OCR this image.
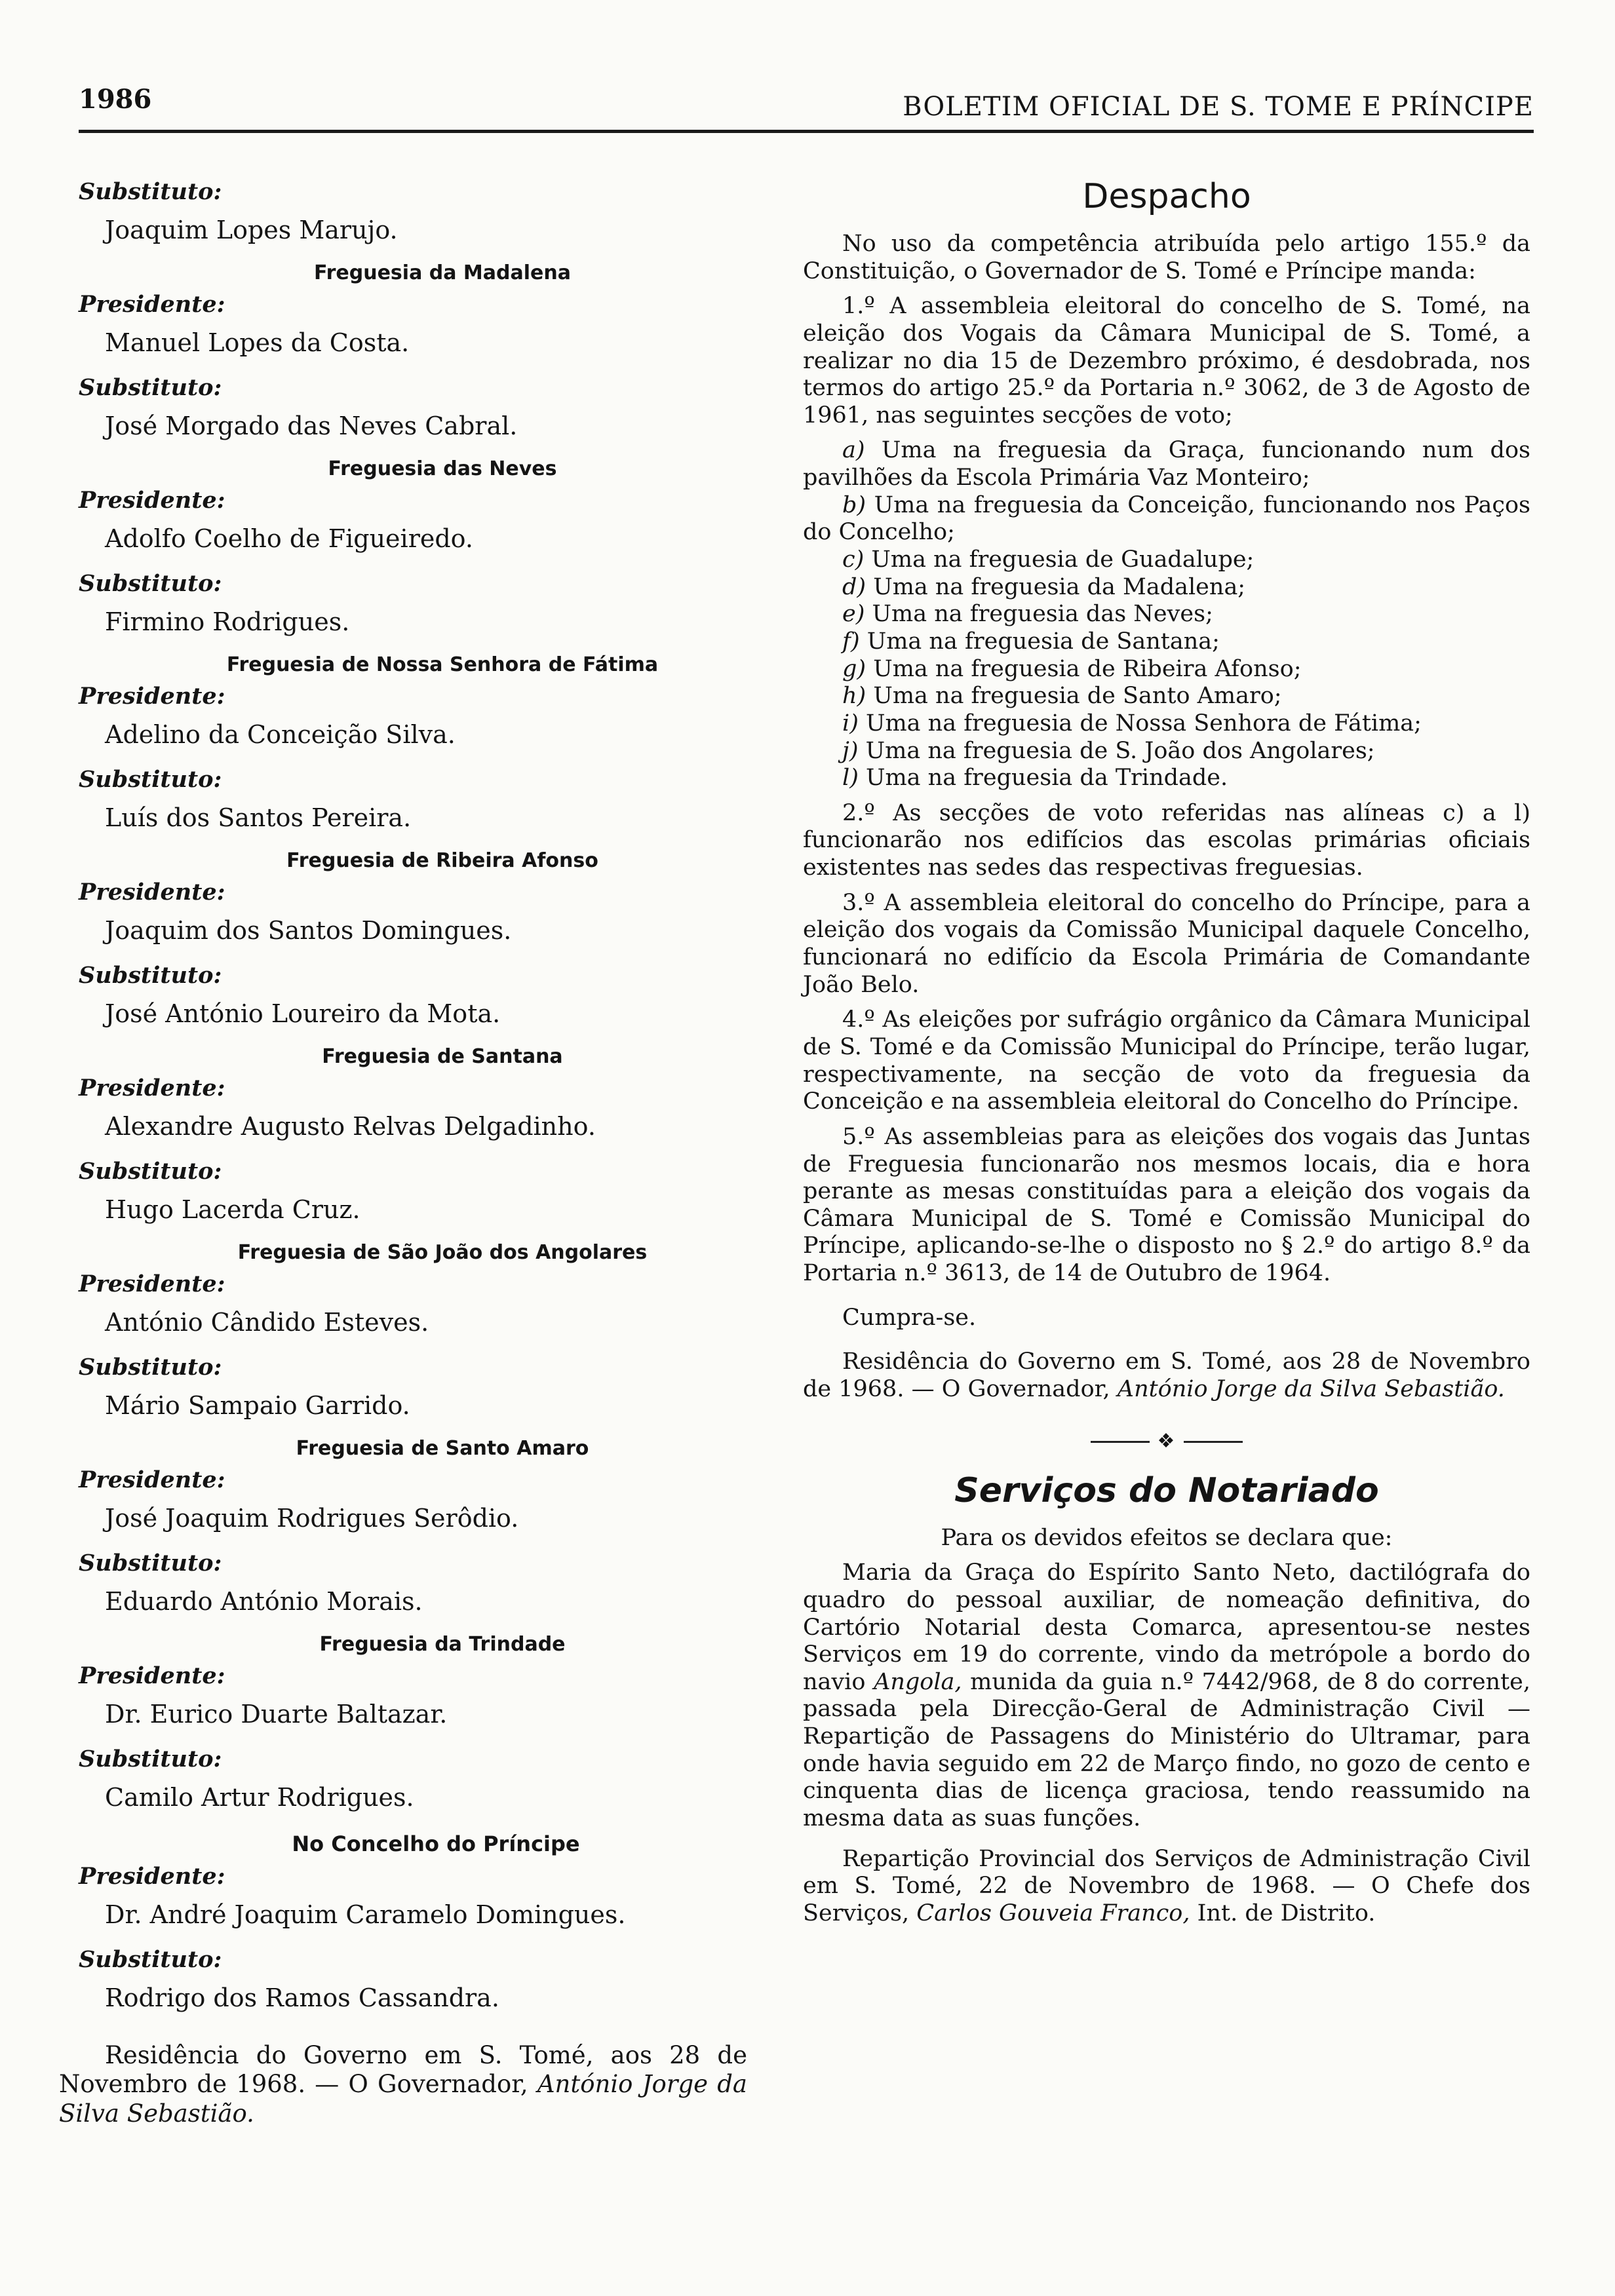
1986	BOLETIM OFICIAL DE S. TOME E PRÍNCIPE
Substituto:
Joaquim Lopes Marujo.
Freguesia da Madalena
Presidente:
Manuel Lopes da Costa.
Substituto:
José Morgado das Neves Cabral.
Freguesia das Neves
Presidente:
Adolfo Coelho de Figueiredo.
Substituto:
Firmino Rodrigues.
Freguesia de Nossa Senhora de Fátima
Presidente:
Adelino da Conceição Silva.
Substituto:
Luís dos Santos Pereira.
Freguesia de Ribeira Afonso
Presidente:
Joaquim dos Santos Domingues.
Substituto:
José António Loureiro da Mota.
Freguesia de Santana
Presidente:
Alexandre Augusto Relvas Delgadinho.
Substituto:
Hugo Lacerda Cruz.
Freguesia de São João dos Angolares
Presidente:
António Cândido Esteves.
Substituto:
Mário Sampaio Garrido.
Freguesia de Santo Amaro
Presidente:
José Joaquim Rodrigues Serôdio.
Substituto:
Eduardo António Morais.
Freguesia da Trindade
Presidente:
Dr. Eurico Duarte Baltazar.
Substituto:
Camilo Artur Rodrigues.
No Concelho do Príncipe
Presidente:
Dr. André Joaquim Caramelo Domingues.
Substituto:
Rodrigo dos Ramos Cassandra.
Residência do Governo em S. Tomé, aos 28 de Novembro de 1968. — O Governador, António Jorge da Silva Sebastião.
Despacho

No uso da competência atribuída pelo artigo 155.º da Constituição, o Governador de S. Tomé e Príncipe manda:

1.º A assembleia eleitoral do concelho de S. Tomé, na eleição dos Vogais da Câmara Municipal de S. Tomé, a realizar no dia 15 de Dezembro próximo, é desdobrada, nos termos do artigo 25.º da Portaria n.º 3062, de 3 de Agosto de 1961, nas seguintes secções de voto;

a) Uma na freguesia da Graça, funcionando num dos pavilhões da Escola Primária Vaz Monteiro;

b) Uma na freguesia da Conceição, funcionando nos Paços do Concelho;

c) Uma na freguesia de Guadalupe;

d) Uma na freguesia da Madalena;

e) Uma na freguesia das Neves;

f) Uma na freguesia de Santana;

g) Uma na freguesia de Ribeira Afonso;

h) Uma na freguesia de Santo Amaro;

i) Uma na freguesia de Nossa Senhora de Fátima;

j) Uma na freguesia de S. João dos Angolares;

l) Uma na freguesia da Trindade.

2.º As secções de voto referidas nas alíneas c) a l) funcionarão nos edifícios das escolas primárias oficiais existentes nas sedes das respectivas freguesias.

3.º A assembleia eleitoral do concelho do Príncipe, para a eleição dos vogais da Comissão Municipal daquele Concelho, funcionará no edifício da Escola Primária de Comandante João Belo.

4.º As eleições por sufrágio orgânico da Câmara Municipal de S. Tomé e da Comissão Municipal do Príncipe, terão lugar, respectivamente, na secção de voto da freguesia da Conceição e na assembleia eleitoral do Concelho do Príncipe.

5.º As assembleias para as eleições dos vogais das Juntas de Freguesia funcionarão nos mesmos locais, dia e hora perante as mesas constituídas para a eleição dos vogais da Câmara Municipal de S. Tomé e Comissão Municipal do Príncipe, aplicando-se-lhe o disposto no § 2.º do artigo 8.º da Portaria n.º 3613, de 14 de Outubro de 1964.

Cumpra-se.

Residência do Governo em S. Tomé, aos 28 de Novembro de 1968. — O Governador, António Jorge da Silva Sebastião.

❖
Serviços do Notariado

Para os devidos efeitos se declara que:

Maria da Graça do Espírito Santo Neto, dactilógrafa do quadro do pessoal auxiliar, de nomeação definitiva, do Cartório Notarial desta Comarca, apresentou-se nestes Serviços em 19 do corrente, vindo da metrópole a bordo do navio Angola, munida da guia n.º 7442/968, de 8 do corrente, passada pela Direcção-Geral de Administração Civil — Repartição de Passagens do Ministério do Ultramar, para onde havia seguido em 22 de Março findo, no gozo de cento e cinquenta dias de licença graciosa, tendo reassumido na mesma data as suas funções.

Repartição Provincial dos Serviços de Administração Civil em S. Tomé, 22 de Novembro de 1968. — O Chefe dos Serviços, Carlos Gouveia Franco, Int. de Distrito.
